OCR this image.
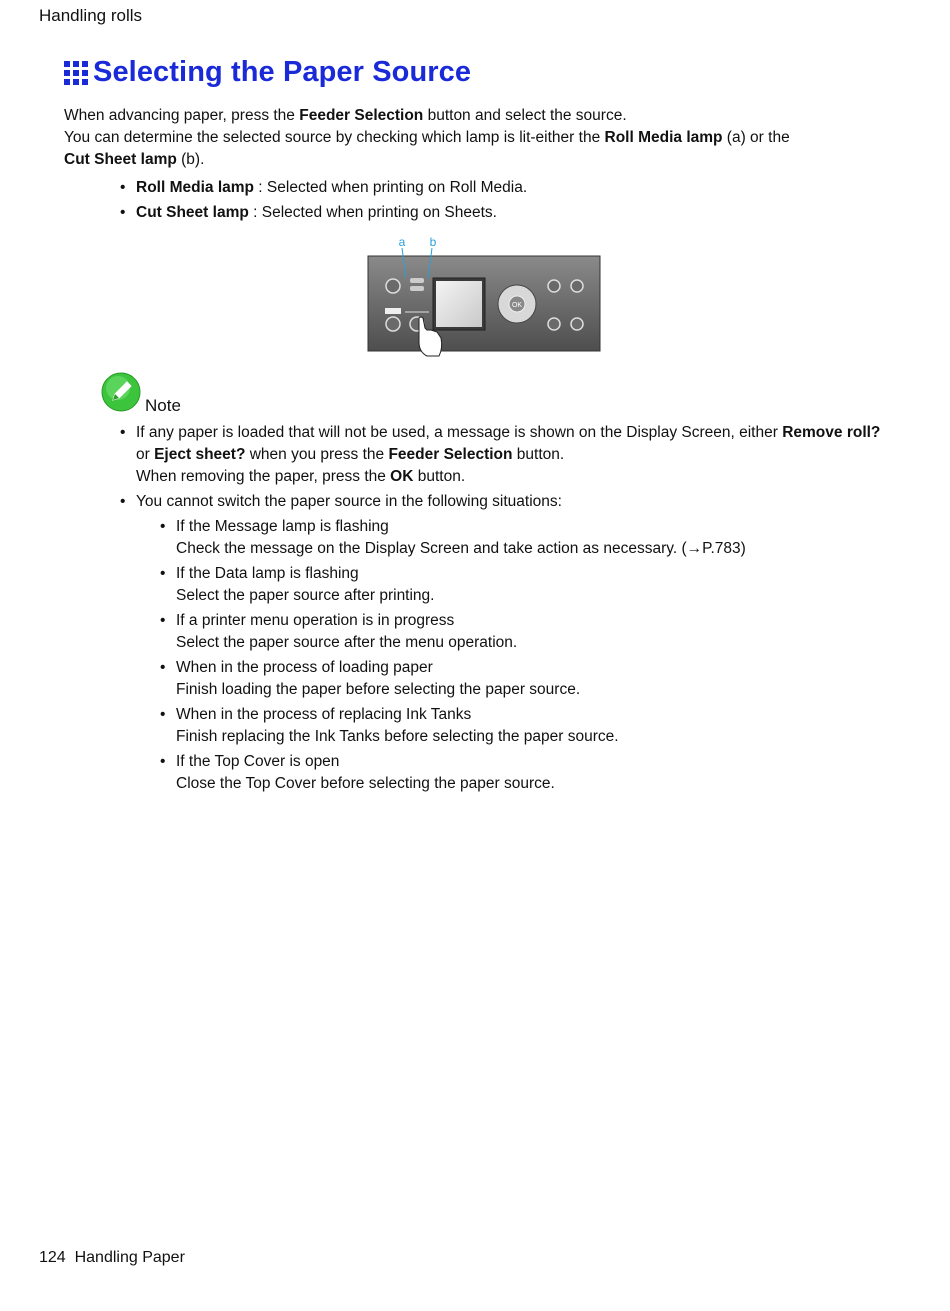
Handling rolls
Selecting the Paper Source
When advancing paper, press the Feeder Selection button and select the source.
You can determine the selected source by checking which lamp is lit-either the Roll Media lamp (a) or the
Cut Sheet lamp (b).
• Roll Media lamp : Selected when printing on Roll Media.
• Cut Sheet lamp : Selected when printing on Sheets.
OK
a b
Note
• If any paper is loaded that will not be used, a message is shown on the Display Screen, either Remove roll? or Eject sheet? when you press the Feeder Selection button.
When removing the paper, press the OK button.
• You cannot switch the paper source in the following situations:
• If the Message lamp is flashing
Check the message on the Display Screen and take action as necessary. (→P.783)
• If the Data lamp is flashing
Select the paper source after printing.
• If a printer menu operation is in progress
Select the paper source after the menu operation.
• When in the process of loading paper
Finish loading the paper before selecting the paper source.
• When in the process of replacing Ink Tanks
Finish replacing the Ink Tanks before selecting the paper source.
• If the Top Cover is open
Close the Top Cover before selecting the paper source.
124 Handling Paper
